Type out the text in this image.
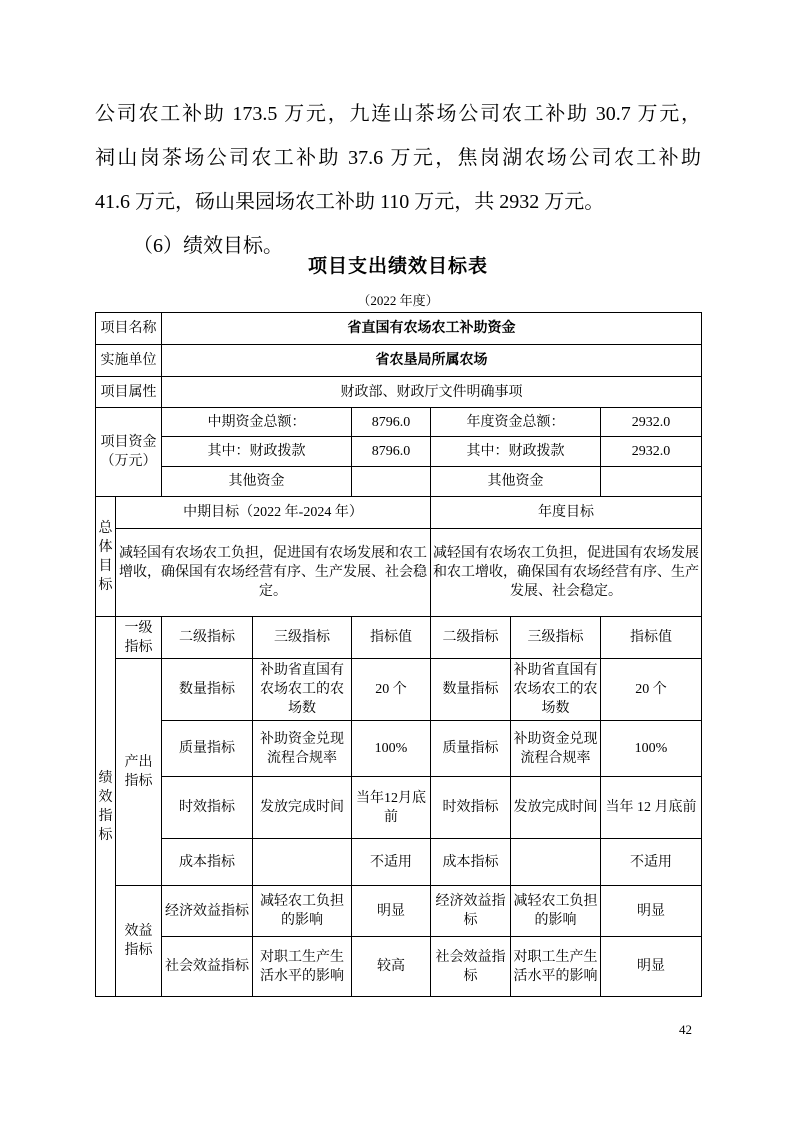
公司农工补助 173.5 万元，九连山茶场公司农工补助 30.7 万元，
祠山岗茶场公司农工补助 37.6 万元，焦岗湖农场公司农工补助
41.6 万元，砀山果园场农工补助 110 万元，共 2932 万元。
（6）绩效目标。
项目支出绩效目标表
（2022 年度）
项目名称		省直国有农场农工补助资金					
实施单位		省农垦局所属农场					
项目属性		财政部、财政厅文件明确事项					
项目资金（万元）		中期资金总额：		8796.0	年度资金总额：		2932.0
		其中：财政拨款		8796.0	其中：财政拨款		2932.0
		其他资金			其他资金		
总体目标	中期目标（2022 年-2024 年）				年度目标		
	减轻国有农场农工负担，促进国有农场发展和农工增收，确保国有农场经营有序、生产发展、社会稳定。				减轻国有农场农工负担，促进国有农场发展和农工增收，确保国有农场经营有序、生产发展、社会稳定。		
绩效指标	一级指标	二级指标	三级指标	指标值	二级指标	三级指标	指标值
	产出指标	数量指标	补助省直国有农场农工的农场数	20 个	数量指标	补助省直国有农场农工的农场数	20 个
		质量指标	补助资金兑现流程合规率	100%	质量指标	补助资金兑现流程合规率	100%
		时效指标	发放完成时间	当年12月底前	时效指标	发放完成时间	当年 12 月底前
		成本指标		不适用	成本指标		不适用
	效益指标	经济效益指标	减轻农工负担的影响	明显	经济效益指标	减轻农工负担的影响	明显
		社会效益指标	对职工生产生活水平的影响	较高	社会效益指标	对职工生产生活水平的影响	明显
42
